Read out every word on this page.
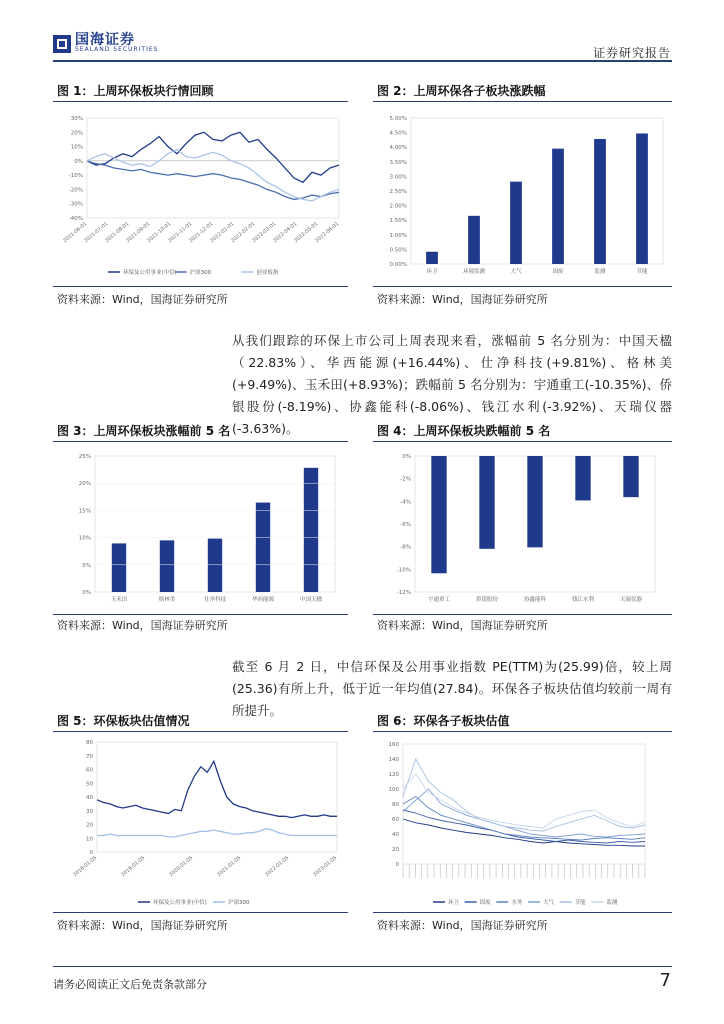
国海证券
SEALAND SECURITIES	证券研究报告
图 1：上周环保板块行情回顾
30%
20%
10%
0%
-10%
-20%
-30%
-40%
2021-06-01
2021-07-01
2021-08-01
2021-09-01
2021-10-01
2021-11-01
2021-12-01
2022-01-01
2022-02-01
2022-03-01
2022-04-01
2022-05-01
2022-06-01
环保及公用事业(中信) 沪深300	创业板指
资料来源：Wind，国海证券研究所
图 2：上周环保各子板块涨跌幅
5.00%
4.50%
4.00%
3.50%
3.00%
2.50%
2.00%
1.50%
1.00%
0.50%
0.00%
环卫	环境监测	大气	固废	监测	节能
资料来源：Wind，国海证券研究所
从我们跟踪的环保上市公司上周表现来看，涨幅前 5 名分别为：中国天楹（22.83%）、华西能源(+16.44%)、仕净科技(+9.81%)、格林美(+9.49%)、玉禾田(+8.93%)；跌幅前 5 名分别为：宇通重工(-10.35%)、侨银股份(-8.19%)、协鑫能科(-8.06%)、钱江水利(-3.92%)、天瑞仪器(-3.63%)。
图 3：上周环保板块涨幅前 5 名
25%
20%
15%
10%
5%
0%
玉禾田	格林美	仕净科技	华西能源	中国天楹
资料来源：Wind，国海证券研究所
图 4：上周环保板块跌幅前 5 名
0%
-2%
-4%
-6%
-8%
-10%
-12%
宇通重工	侨银股份	协鑫能科	钱江水利	天瑞仪器
资料来源：Wind，国海证券研究所
截至 6 月 2 日，中信环保及公用事业指数 PE(TTM)为(25.99)倍，较上周(25.36)有所上升，低于近一年均值(27.84)。环保各子板块估值均较前一周有所提升。
图 5：环保板块估值情况
80
70
60
50
40
30
20
10
0
2018-01-05	2019-01-05	2020-01-05	2021-01-05	2022-01-05	2023-01-05
环保及公用事业(中信)	沪深300
资料来源：Wind，国海证券研究所
图 6：环保各子板块估值
160
140
120
100
80
60
40
20
0
环卫	固废	水务	大气	节能	监测
资料来源：Wind，国海证券研究所
请务必阅读正文后免责条款部分	7
